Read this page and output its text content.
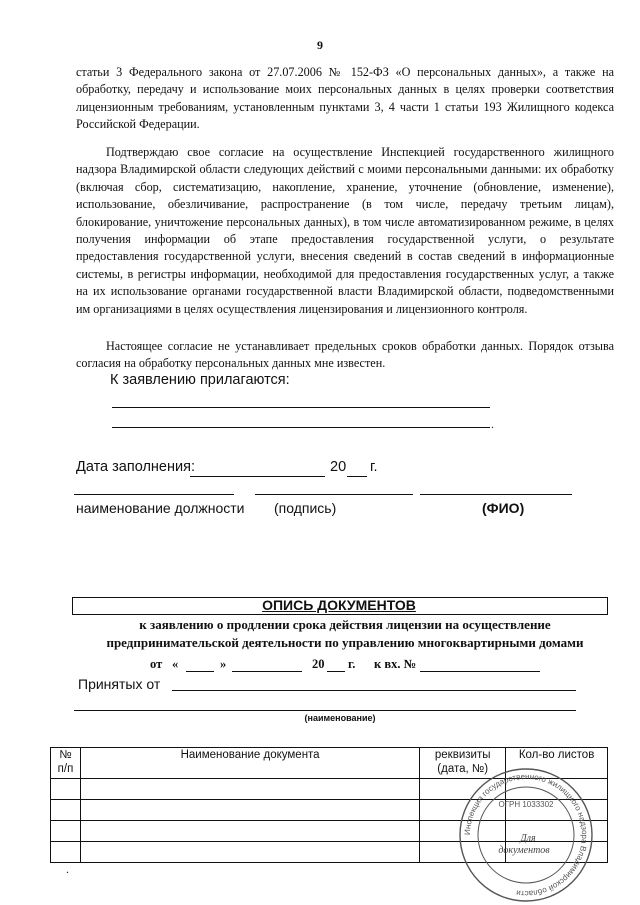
9
статьи 3 Федерального закона от 27.07.2006 № 152-ФЗ «О персональных данных», а также на обработку, передачу и использование моих персональных данных в целях проверки соответствия лицензионным требованиям, установленным пунктами 3, 4 части 1 статьи 193 Жилищного кодекса Российской Федерации.
Подтверждаю свое согласие на осуществление Инспекцией государственного жилищного надзора Владимирской области следующих действий с моими персональными данными: их обработку (включая сбор, систематизацию, накопление, хранение, уточнение (обновление, изменение), использование, обезличивание, распространение (в том числе, передачу третьим лицам), блокирование, уничтожение персональных данных), в том числе автоматизированном режиме, в целях получения информации об этапе предоставления государственной услуги, о результате предоставления государственной услуги, внесения сведений в состав сведений в информационные системы, в регистры информации, необходимой для предоставления государственных услуг, а также на их использование органами государственной власти Владимирской области, подведомственными им организациями в целях осуществления лицензирования и лицензионного контроля.
Настоящее согласие не устанавливает предельных сроков обработки данных. Порядок отзыва согласия на обработку персональных данных мне известен.
К заявлению прилагаются:
.
Дата заполнения:	20 г.
наименование должности (подпись)	(ФИО)
ОПИСЬ ДОКУМЕНТОВ
к заявлению о продлении срока действия лицензии на осуществление
предпринимательской деятельности по управлению многоквартирными домами
от «	»	20 г. к вх. №
Принятых от
(наименование)
№ п/п	Наименование документа	реквизиты (дата, №)	Кол-во листов

Инспекция государственного жилищного надзора Владимирской области
ОГРН 1033302
Для
документов
.
